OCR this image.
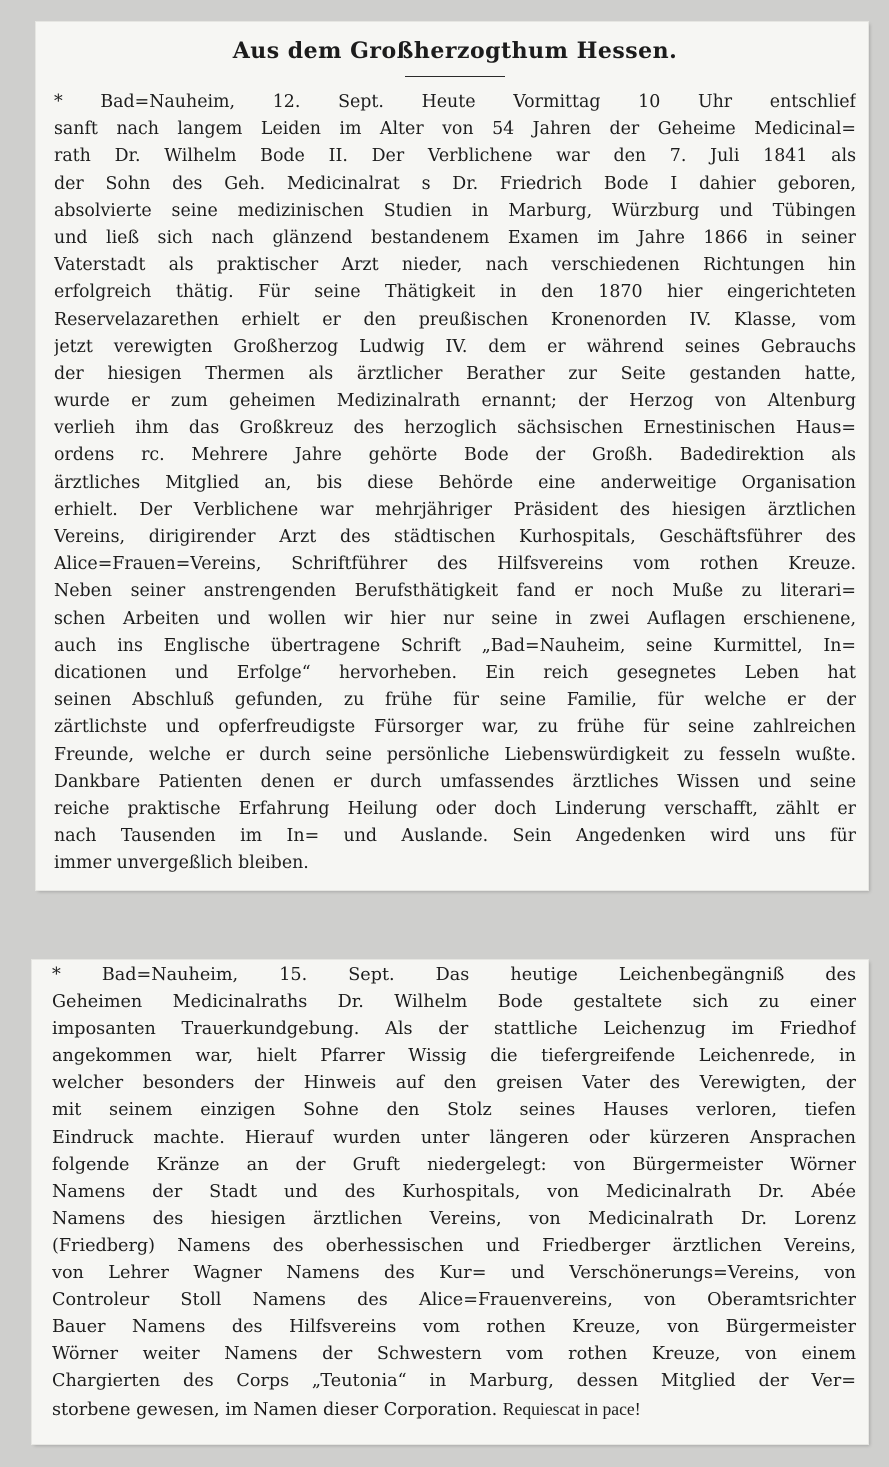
Aus dem Großherzogthum Hessen.
* Bad=Nauheim, 12. Sept. Heute Vormittag 10 Uhr entschlief
sanft nach langem Leiden im Alter von 54 Jahren der Geheime Medicinal=
rath Dr. Wilhelm Bode II. Der Verblichene war den 7. Juli 1841 als
der Sohn des Geh. Medicinalrat s Dr. Friedrich Bode I dahier geboren,
absolvierte seine medizinischen Studien in Marburg, Würzburg und Tübingen
und ließ sich nach glänzend bestandenem Examen im Jahre 1866 in seiner
Vaterstadt als praktischer Arzt nieder, nach verschiedenen Richtungen hin
erfolgreich thätig. Für seine Thätigkeit in den 1870 hier eingerichteten
Reservelazarethen erhielt er den preußischen Kronenorden IV. Klasse, vom
jetzt verewigten Großherzog Ludwig IV. dem er während seines Gebrauchs
der hiesigen Thermen als ärztlicher Berather zur Seite gestanden hatte,
wurde er zum geheimen Medizinalrath ernannt; der Herzog von Altenburg
verlieh ihm das Großkreuz des herzoglich sächsischen Ernestinischen Haus=
ordens rc. Mehrere Jahre gehörte Bode der Großh. Badedirektion als
ärztliches Mitglied an, bis diese Behörde eine anderweitige Organisation
erhielt. Der Verblichene war mehrjähriger Präsident des hiesigen ärztlichen
Vereins, dirigirender Arzt des städtischen Kurhospitals, Geschäftsführer des
Alice=Frauen=Vereins, Schriftführer des Hilfsvereins vom rothen Kreuze.
Neben seiner anstrengenden Berufsthätigkeit fand er noch Muße zu literari=
schen Arbeiten und wollen wir hier nur seine in zwei Auflagen erschienene,
auch ins Englische übertragene Schrift „Bad=Nauheim, seine Kurmittel, In=
dicationen und Erfolge“ hervorheben. Ein reich gesegnetes Leben hat
seinen Abschluß gefunden, zu frühe für seine Familie, für welche er der
zärtlichste und opferfreudigste Fürsorger war, zu frühe für seine zahlreichen
Freunde, welche er durch seine persönliche Liebenswürdigkeit zu fesseln wußte.
Dankbare Patienten denen er durch umfassendes ärztliches Wissen und seine
reiche praktische Erfahrung Heilung oder doch Linderung verschafft, zählt er
nach Tausenden im In= und Auslande. Sein Angedenken wird uns für
immer unvergeßlich bleiben.
* Bad=Nauheim, 15. Sept. Das heutige Leichenbegängniß des
Geheimen Medicinalraths Dr. Wilhelm Bode gestaltete sich zu einer
imposanten Trauerkundgebung. Als der stattliche Leichenzug im Friedhof
angekommen war, hielt Pfarrer Wissig die tiefergreifende Leichenrede, in
welcher besonders der Hinweis auf den greisen Vater des Verewigten, der
mit seinem einzigen Sohne den Stolz seines Hauses verloren, tiefen
Eindruck machte. Hierauf wurden unter längeren oder kürzeren Ansprachen
folgende Kränze an der Gruft niedergelegt: von Bürgermeister Wörner
Namens der Stadt und des Kurhospitals, von Medicinalrath Dr. Abée
Namens des hiesigen ärztlichen Vereins, von Medicinalrath Dr. Lorenz
(Friedberg) Namens des oberhessischen und Friedberger ärztlichen Vereins,
von Lehrer Wagner Namens des Kur= und Verschönerungs=Vereins, von
Controleur Stoll Namens des Alice=Frauenvereins, von Oberamtsrichter
Bauer Namens des Hilfsvereins vom rothen Kreuze, von Bürgermeister
Wörner weiter Namens der Schwestern vom rothen Kreuze, von einem
Chargierten des Corps „Teutonia“ in Marburg, dessen Mitglied der Ver=
storbene gewesen, im Namen dieser Corporation. Requiescat in pace!
